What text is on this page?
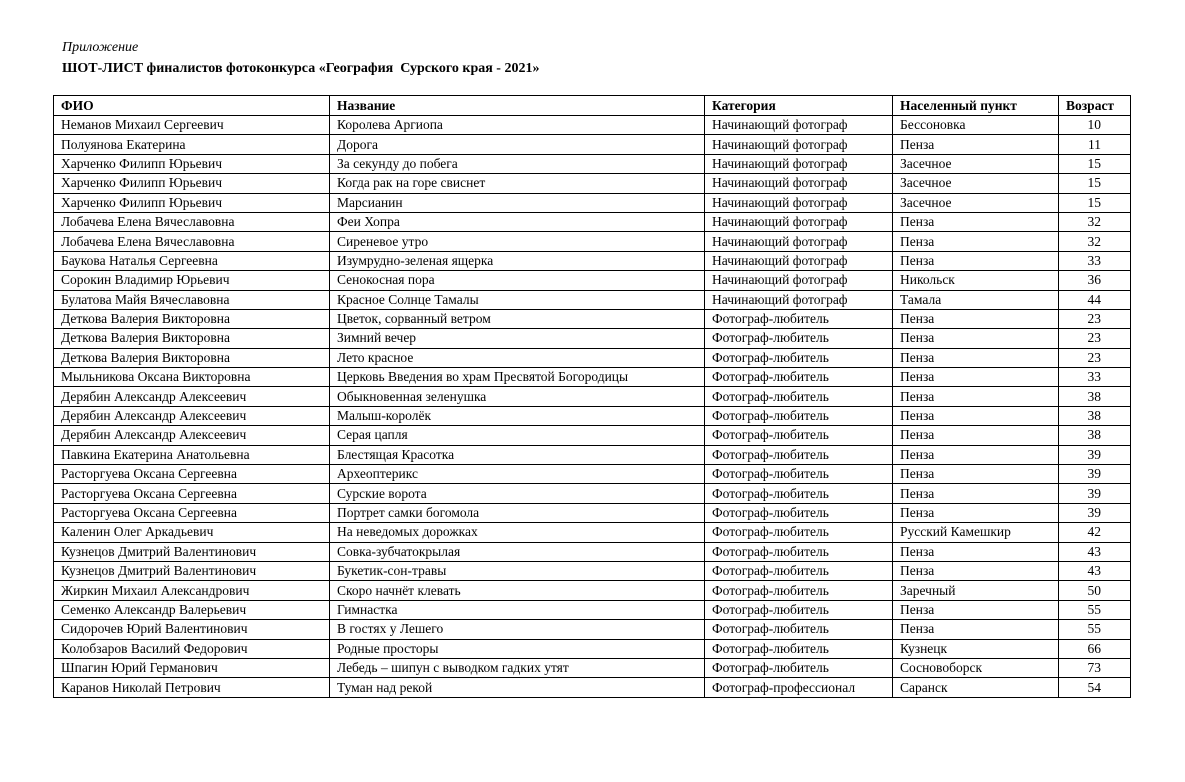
Приложение
ШОТ-ЛИСТ финалистов фотоконкурса «География  Сурского края - 2021»
ФИО	Название	Категория	Населенный пункт	Возраст
Неманов Михаил Сергеевич	Королева Аргиопа	Начинающий фотограф	Бессоновка	10
Полуянова Екатерина	Дорога	Начинающий фотограф	Пенза	11
Харченко Филипп Юрьевич	За секунду до побега	Начинающий фотограф	Засечное	15
Харченко Филипп Юрьевич	Когда рак на горе свиснет	Начинающий фотограф	Засечное	15
Харченко Филипп Юрьевич	Марсианин	Начинающий фотограф	Засечное	15
Лобачева Елена Вячеславовна	Феи Хопра	Начинающий фотограф	Пенза	32
Лобачева Елена Вячеславовна	Сиреневое утро	Начинающий фотограф	Пенза	32
Баукова Наталья Сергеевна	Изумрудно-зеленая ящерка	Начинающий фотограф	Пенза	33
Сорокин Владимир Юрьевич	Сенокосная пора	Начинающий фотограф	Никольск	36
Булатова Майя Вячеславовна	Красное Солнце Тамалы	Начинающий фотограф	Тамала	44
Деткова Валерия Викторовна	Цветок, сорванный ветром	Фотограф-любитель	Пенза	23
Деткова Валерия Викторовна	Зимний вечер	Фотограф-любитель	Пенза	23
Деткова Валерия Викторовна	Лето красное	Фотограф-любитель	Пенза	23
Мыльникова Оксана Викторовна	Церковь Введения во храм Пресвятой Богородицы	Фотограф-любитель	Пенза	33
Дерябин Александр Алексеевич	Обыкновенная зеленушка	Фотограф-любитель	Пенза	38
Дерябин Александр Алексеевич	Малыш-королёк	Фотограф-любитель	Пенза	38
Дерябин Александр Алексеевич	Серая цапля	Фотограф-любитель	Пенза	38
Павкина Екатерина Анатольевна	Блестящая Красотка	Фотограф-любитель	Пенза	39
Расторгуева Оксана Сергеевна	Археоптерикс	Фотограф-любитель	Пенза	39
Расторгуева Оксана Сергеевна	Сурские ворота	Фотограф-любитель	Пенза	39
Расторгуева Оксана Сергеевна	Портрет самки богомола	Фотограф-любитель	Пенза	39
Каленин Олег Аркадьевич	На неведомых дорожках	Фотограф-любитель	Русский Камешкир	42
Кузнецов Дмитрий Валентинович	Совка-зубчатокрылая	Фотограф-любитель	Пенза	43
Кузнецов Дмитрий Валентинович	Букетик-сон-травы	Фотограф-любитель	Пенза	43
Жиркин Михаил Александрович	Скоро начнёт клевать	Фотограф-любитель	Заречный	50
Семенко Александр Валерьевич	Гимнастка	Фотограф-любитель	Пенза	55
Сидорочев Юрий Валентинович	В гостях у Лешего	Фотограф-любитель	Пенза	55
Колобзаров Василий Федорович	Родные просторы	Фотограф-любитель	Кузнецк	66
Шпагин Юрий Германович	Лебедь – шипун с выводком гадких утят	Фотограф-любитель	Сосновоборск	73
Каранов Николай Петрович	Туман над рекой	Фотограф-профессионал	Саранск	54
